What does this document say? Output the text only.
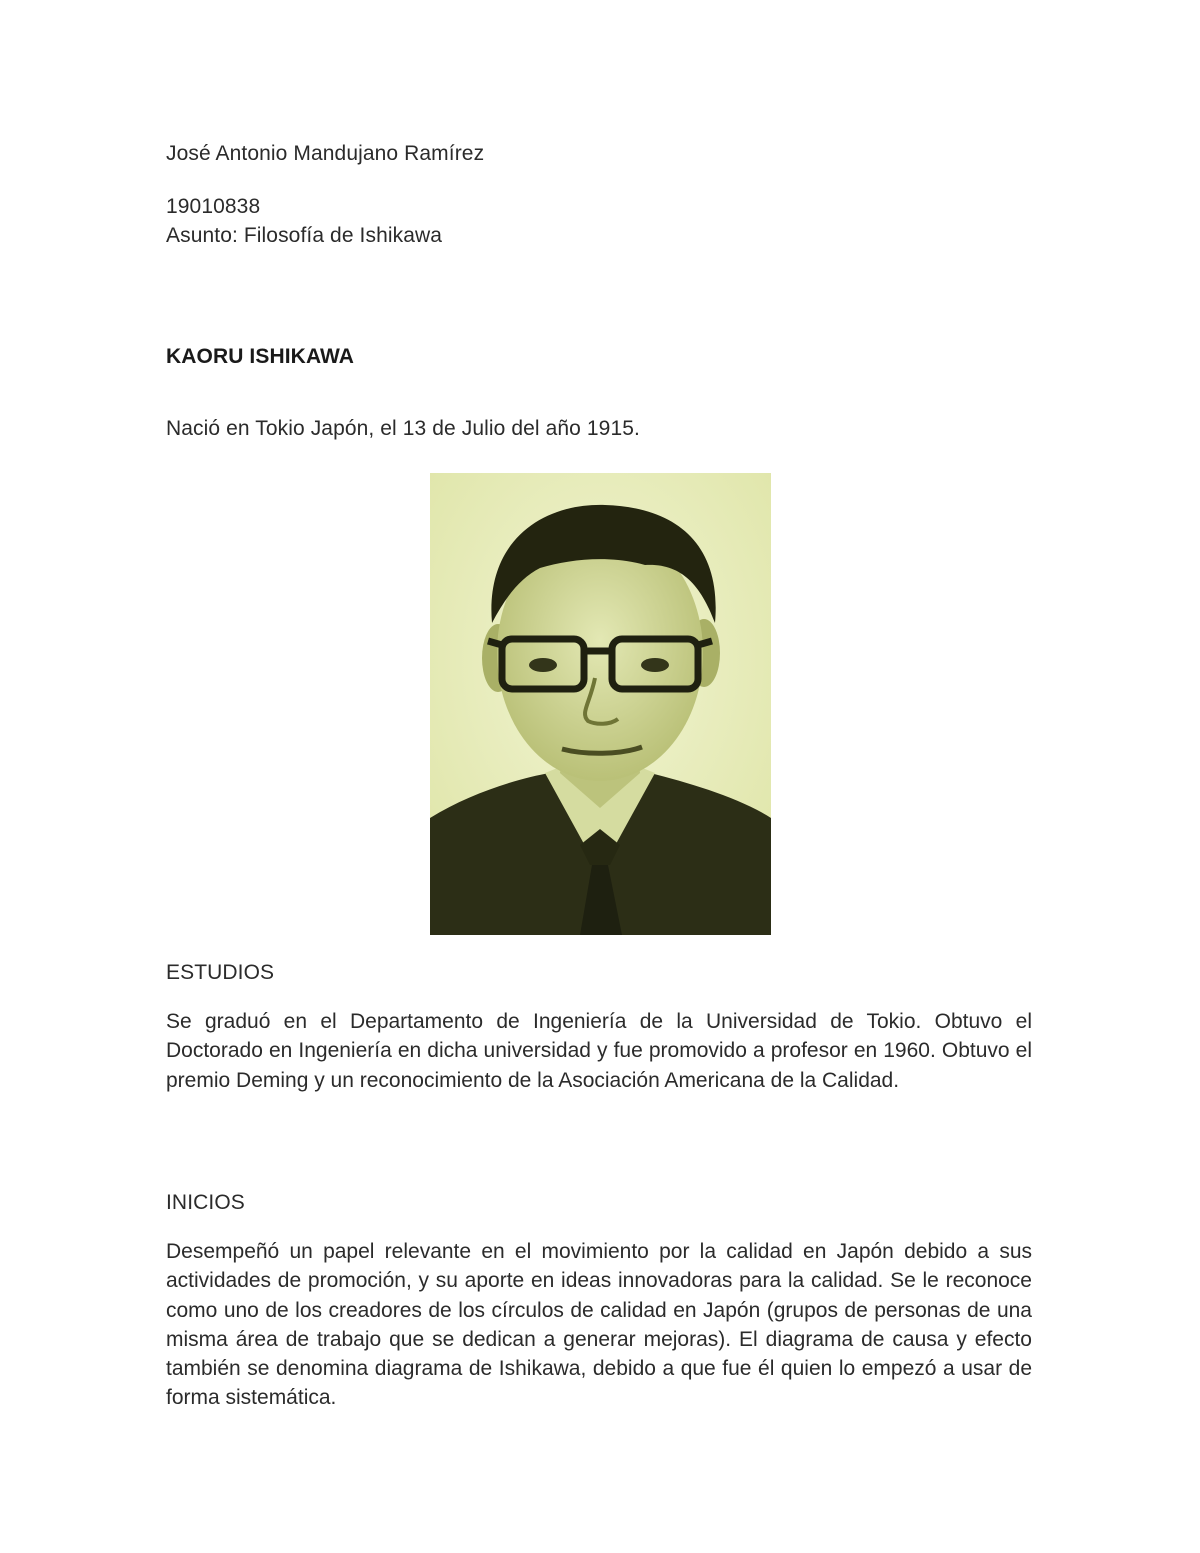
José Antonio Mandujano Ramírez
19010838
Asunto: Filosofía de Ishikawa
KAORU ISHIKAWA
Nació en Tokio Japón, el 13 de Julio del año 1915.
ESTUDIOS
Se graduó en el Departamento de Ingeniería de la Universidad de Tokio. Obtuvo el Doctorado en Ingeniería en dicha universidad y fue promovido a profesor en 1960. Obtuvo el premio Deming y un reconocimiento de la Asociación Americana de la Calidad.
INICIOS
Desempeñó un papel relevante en el movimiento por la calidad en Japón debido a sus actividades de promoción, y su aporte en ideas innovadoras para la calidad. Se le reconoce como uno de los creadores de los círculos de calidad en Japón (grupos de personas de una misma área de trabajo que se dedican a generar mejoras). El diagrama de causa y efecto también se denomina diagrama de Ishikawa, debido a que fue él quien lo empezó a usar de forma sistemática.
